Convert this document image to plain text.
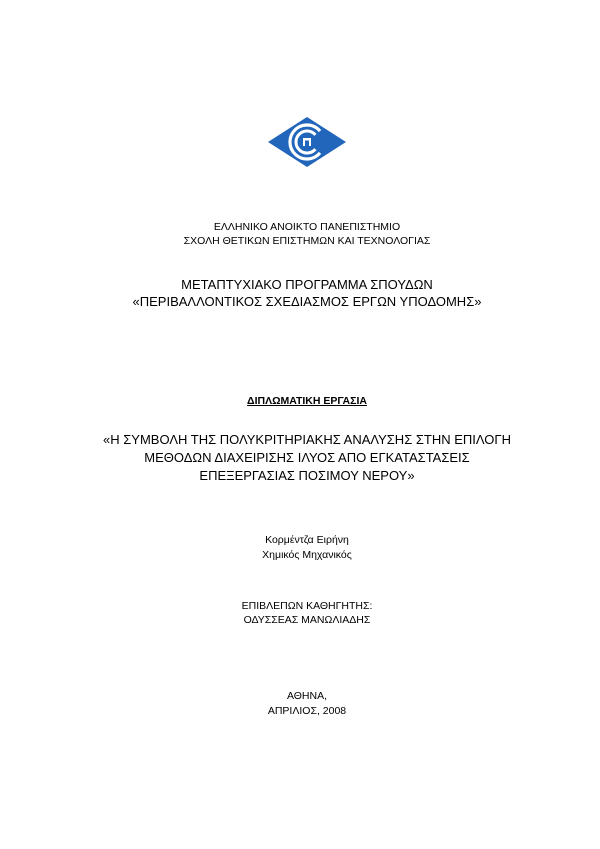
ΕΛΛΗΝΙΚΟ ΑΝΟΙΚΤΟ ΠΑΝΕΠΙΣΤΗΜΙΟ
ΣΧΟΛΗ ΘΕΤΙΚΩΝ ΕΠΙΣΤΗΜΩΝ ΚΑΙ ΤΕΧΝΟΛΟΓΙΑΣ
ΜΕΤΑΠΤΥΧΙΑΚΟ ΠΡΟΓΡΑΜΜΑ ΣΠΟΥΔΩΝ
«ΠΕΡΙΒΑΛΛΟΝΤΙΚΟΣ ΣΧΕΔΙΑΣΜΟΣ ΕΡΓΩΝ ΥΠΟΔΟΜΗΣ»
ΔΙΠΛΩΜΑΤΙΚΗ ΕΡΓΑΣΙΑ
«Η ΣΥΜΒΟΛΗ ΤΗΣ ΠΟΛΥΚΡΙΤΗΡΙΑΚΗΣ ΑΝΑΛΥΣΗΣ ΣΤΗΝ ΕΠΙΛΟΓΗ
ΜΕΘΟΔΩΝ ΔΙΑΧΕΙΡΙΣΗΣ ΙΛΥΟΣ ΑΠΟ ΕΓΚΑΤΑΣΤΑΣΕΙΣ
ΕΠΕΞΕΡΓΑΣΙΑΣ ΠΟΣΙΜΟΥ ΝΕΡΟΥ»
Κορμέντζα Ειρήνη
Χημικός Μηχανικός
ΕΠΙΒΛΕΠΩΝ ΚΑΘΗΓΗΤΗΣ:
ΟΔΥΣΣΕΑΣ ΜΑΝΩΛΙΑΔΗΣ
ΑΘΗΝΑ,
ΑΠΡΙΛΙΟΣ, 2008
